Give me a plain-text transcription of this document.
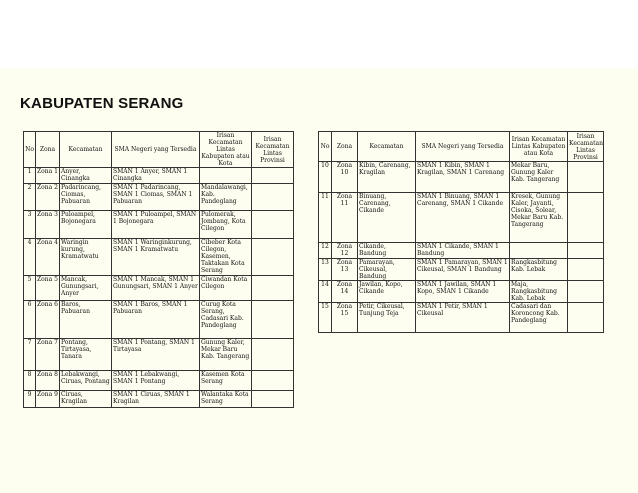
KABUPATEN SERANG
No	Zona	Kecamatan	SMA Negeri yang Tersedia	Irisan Kecamatan Lintas Kabupaten atau Kota	Irisan Kecamatan Lintas Provinsi
1	Zona 1	Anyer, Cinangka	SMAN 1 Anyer, SMAN 1 Cinangka		
2	Zona 2	Padarincang, Ciomas, Pabuaran	SMAN 1 Padarincang, SMAN 1 Ciomas, SMAN 1 Pabuaran	Mandalawangi, Kab. Pandeglang	
3	Zona 3	Puloampel, Bojonegara	SMAN 1 Puloampel, SMAN 1 Bojonegara	Pulomerak, Jombang, Kota Cilegon	
4	Zona 4	Waringin kurung, Kramatwatu	SMAN 1 Waringinkurung, SMAN 1 Kramatwatu	Cibeber Kota Cilegon, Kasemen, Taktakan Kota Serang	
5	Zona 5	Mancak, Gunungsari, Anyer	SMAN 1 Mancak, SMAN 1 Gunungsari, SMAN 1 Anyer	Ciwandan Kota Cilegon	
6	Zona 6	Baros, Pabuaran	SMAN 1 Baros, SMAN 1 Pabuaran	Curug Kota Serang, Cadasari Kab. Pandeglang	
7	Zona 7	Pontang, Tirtayasa, Tanara	SMAN 1 Pontang, SMAN 1 Tirtayasa	Gunung Kaler, Mekar Baru Kab. Tangerang	
8	Zona 8	Lebakwangi, Ciruas, Pontang	SMAN 1 Lebakwangi, SMAN 1 Pontang	Kasemen Kota Serang	
9	Zona 9	Ciruas, Kragilan	SMAN 1 Ciruas, SMAN 1 Kragilan	Walantaka Kota Serang	
No	Zona	Kecamatan	SMA Negeri yang Tersedia	Irisan Kecamatan Lintas Kabupaten atau Kota	Irisan Kecamatan Lintas Provinsi
10	Zona 10	Kibin, Carenang, Kragilan	SMAN 1 Kibin, SMAN 1 Kragilan, SMAN 1 Carenang	Mekar Baru, Gunung Kaler Kab. Tangerang	
11	Zona 11	Binuang, Carenang, Cikande	SMAN 1 Binuang, SMAN 1 Carenang, SMAN 1 Cikande	Kresek, Gunung Kaler, Jayanti, Cisoka, Solear, Mekar Baru Kab. Tangerang	
12	Zona 12	Cikande, Bandung	SMAN 1 Cikande, SMAN 1 Bandung		
13	Zona 13	Pamarayan, Cikeusal, Bandung	SMAN 1 Pamarayan, SMAN 1 Cikeusal, SMAN 1 Bandung	Rangkasbitung Kab. Lebak	
14	Zona 14	Jawilan, Kopo, Cikande	SMAN 1 Jawilan, SMAN 1 Kopo, SMAN 1 Cikande	Maja, Rangkasbitung Kab. Lebak	
15	Zona 15	Petir, Cikeusal, Tunjung Teja	SMAN 1 Petir, SMAN 1 Cikeusal	Cadasari dan Koroncong Kab. Pandeglang	
